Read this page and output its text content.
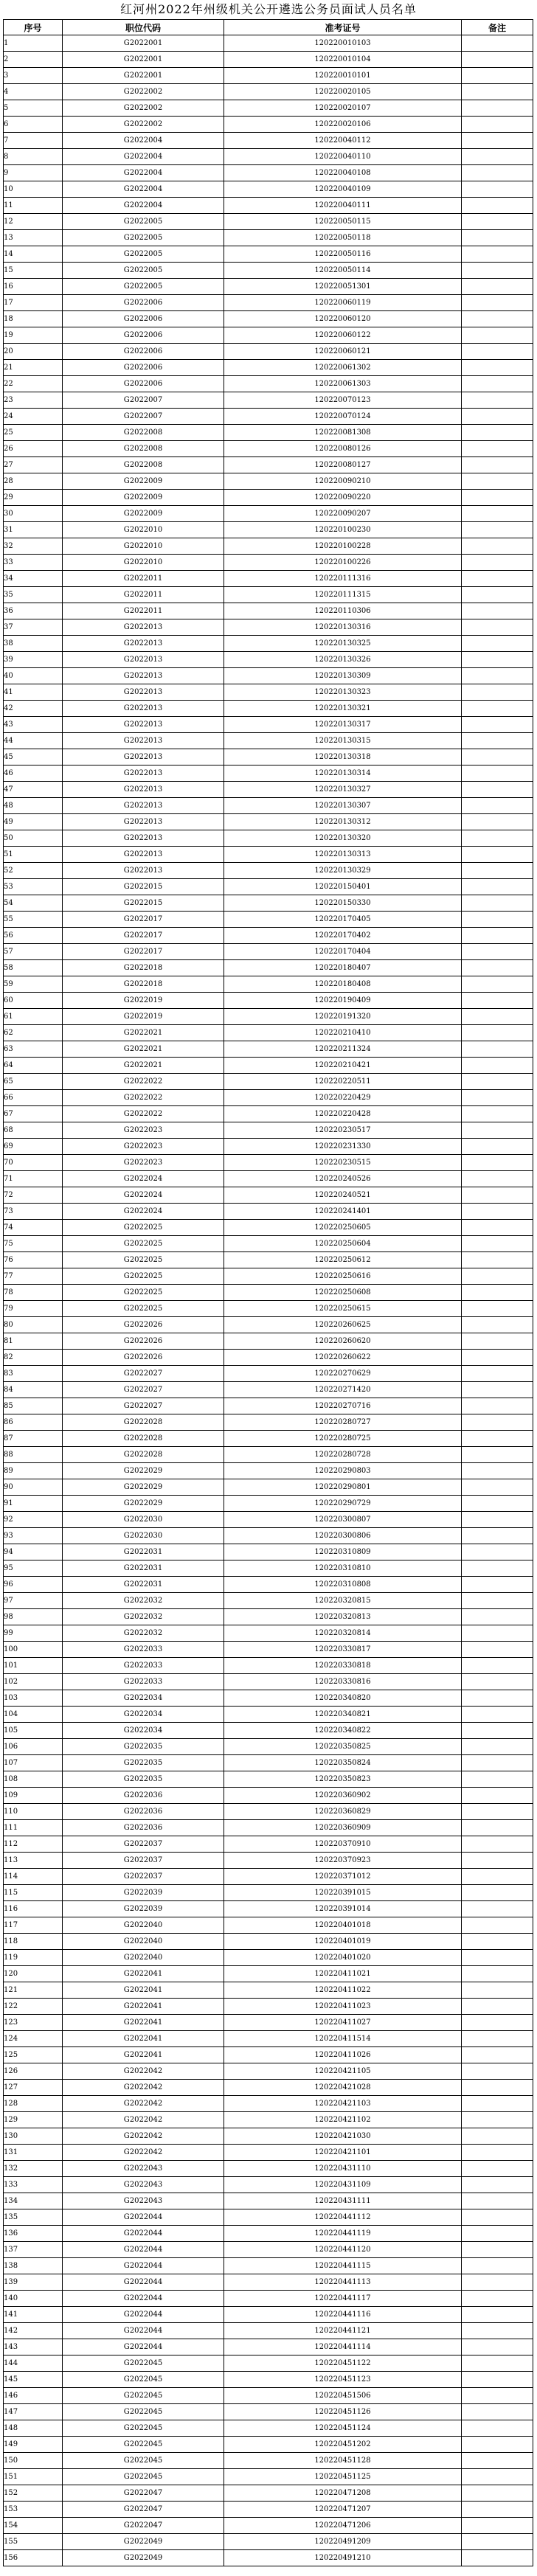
红河州2022年州级机关公开遴选公务员面试人员名单
序号	职位代码	准考证号	备注
1	G2022001	120220010103	
2	G2022001	120220010104	
3	G2022001	120220010101	
4	G2022002	120220020105	
5	G2022002	120220020107	
6	G2022002	120220020106	
7	G2022004	120220040112	
8	G2022004	120220040110	
9	G2022004	120220040108	
10	G2022004	120220040109	
11	G2022004	120220040111	
12	G2022005	120220050115	
13	G2022005	120220050118	
14	G2022005	120220050116	
15	G2022005	120220050114	
16	G2022005	120220051301	
17	G2022006	120220060119	
18	G2022006	120220060120	
19	G2022006	120220060122	
20	G2022006	120220060121	
21	G2022006	120220061302	
22	G2022006	120220061303	
23	G2022007	120220070123	
24	G2022007	120220070124	
25	G2022008	120220081308	
26	G2022008	120220080126	
27	G2022008	120220080127	
28	G2022009	120220090210	
29	G2022009	120220090220	
30	G2022009	120220090207	
31	G2022010	120220100230	
32	G2022010	120220100228	
33	G2022010	120220100226	
34	G2022011	120220111316	
35	G2022011	120220111315	
36	G2022011	120220110306	
37	G2022013	120220130316	
38	G2022013	120220130325	
39	G2022013	120220130326	
40	G2022013	120220130309	
41	G2022013	120220130323	
42	G2022013	120220130321	
43	G2022013	120220130317	
44	G2022013	120220130315	
45	G2022013	120220130318	
46	G2022013	120220130314	
47	G2022013	120220130327	
48	G2022013	120220130307	
49	G2022013	120220130312	
50	G2022013	120220130320	
51	G2022013	120220130313	
52	G2022013	120220130329	
53	G2022015	120220150401	
54	G2022015	120220150330	
55	G2022017	120220170405	
56	G2022017	120220170402	
57	G2022017	120220170404	
58	G2022018	120220180407	
59	G2022018	120220180408	
60	G2022019	120220190409	
61	G2022019	120220191320	
62	G2022021	120220210410	
63	G2022021	120220211324	
64	G2022021	120220210421	
65	G2022022	120220220511	
66	G2022022	120220220429	
67	G2022022	120220220428	
68	G2022023	120220230517	
69	G2022023	120220231330	
70	G2022023	120220230515	
71	G2022024	120220240526	
72	G2022024	120220240521	
73	G2022024	120220241401	
74	G2022025	120220250605	
75	G2022025	120220250604	
76	G2022025	120220250612	
77	G2022025	120220250616	
78	G2022025	120220250608	
79	G2022025	120220250615	
80	G2022026	120220260625	
81	G2022026	120220260620	
82	G2022026	120220260622	
83	G2022027	120220270629	
84	G2022027	120220271420	
85	G2022027	120220270716	
86	G2022028	120220280727	
87	G2022028	120220280725	
88	G2022028	120220280728	
89	G2022029	120220290803	
90	G2022029	120220290801	
91	G2022029	120220290729	
92	G2022030	120220300807	
93	G2022030	120220300806	
94	G2022031	120220310809	
95	G2022031	120220310810	
96	G2022031	120220310808	
97	G2022032	120220320815	
98	G2022032	120220320813	
99	G2022032	120220320814	
100	G2022033	120220330817	
101	G2022033	120220330818	
102	G2022033	120220330816	
103	G2022034	120220340820	
104	G2022034	120220340821	
105	G2022034	120220340822	
106	G2022035	120220350825	
107	G2022035	120220350824	
108	G2022035	120220350823	
109	G2022036	120220360902	
110	G2022036	120220360829	
111	G2022036	120220360909	
112	G2022037	120220370910	
113	G2022037	120220370923	
114	G2022037	120220371012	
115	G2022039	120220391015	
116	G2022039	120220391014	
117	G2022040	120220401018	
118	G2022040	120220401019	
119	G2022040	120220401020	
120	G2022041	120220411021	
121	G2022041	120220411022	
122	G2022041	120220411023	
123	G2022041	120220411027	
124	G2022041	120220411514	
125	G2022041	120220411026	
126	G2022042	120220421105	
127	G2022042	120220421028	
128	G2022042	120220421103	
129	G2022042	120220421102	
130	G2022042	120220421030	
131	G2022042	120220421101	
132	G2022043	120220431110	
133	G2022043	120220431109	
134	G2022043	120220431111	
135	G2022044	120220441112	
136	G2022044	120220441119	
137	G2022044	120220441120	
138	G2022044	120220441115	
139	G2022044	120220441113	
140	G2022044	120220441117	
141	G2022044	120220441116	
142	G2022044	120220441121	
143	G2022044	120220441114	
144	G2022045	120220451122	
145	G2022045	120220451123	
146	G2022045	120220451506	
147	G2022045	120220451126	
148	G2022045	120220451124	
149	G2022045	120220451202	
150	G2022045	120220451128	
151	G2022045	120220451125	
152	G2022047	120220471208	
153	G2022047	120220471207	
154	G2022047	120220471206	
155	G2022049	120220491209	
156	G2022049	120220491210	
